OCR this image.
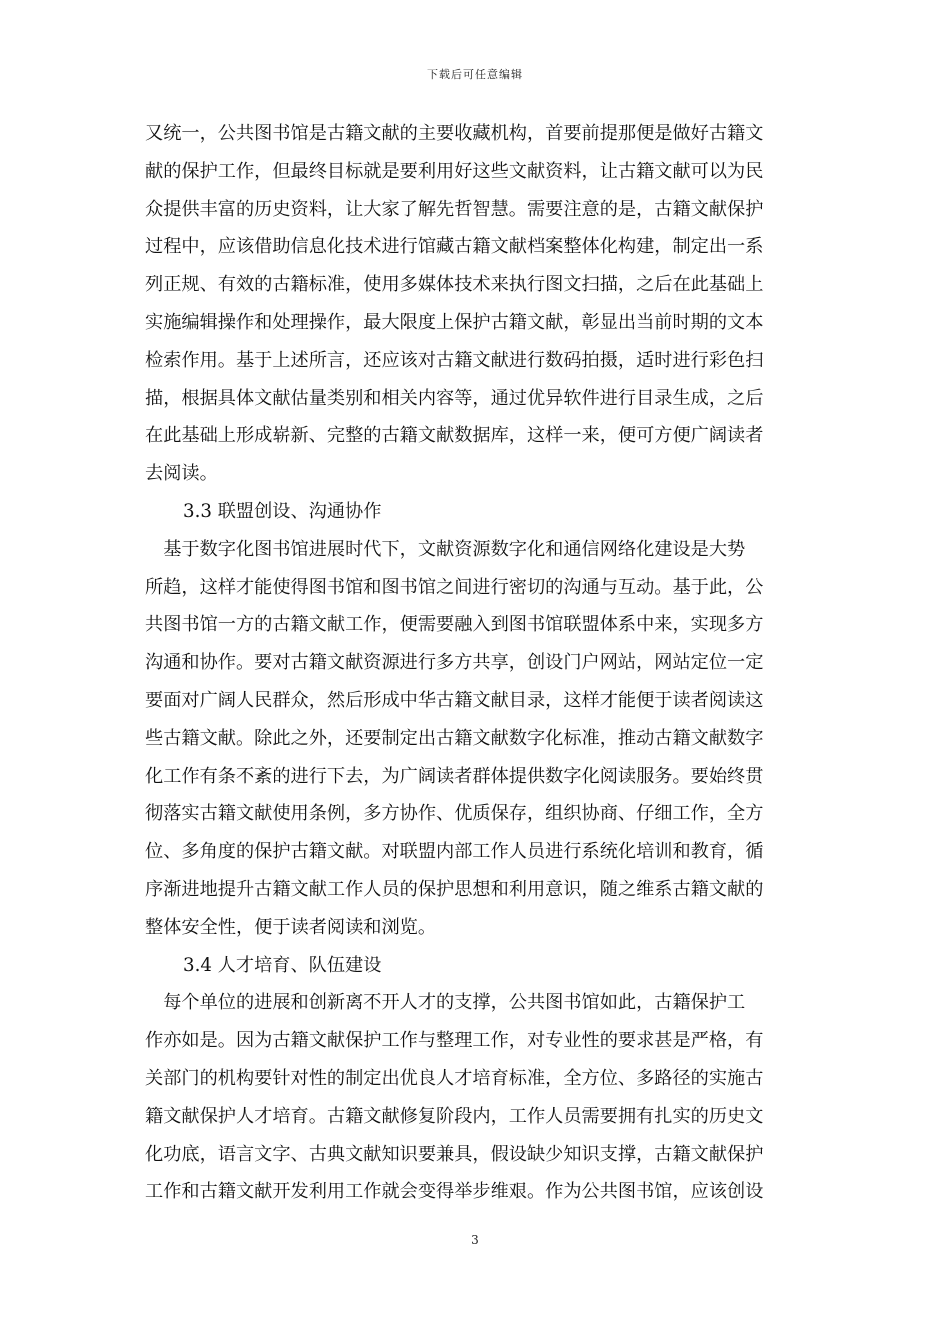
下载后可任意编辑
又统一，公共图书馆是古籍文献的主要收藏机构，首要前提那便是做好古籍文
献的保护工作，但最终目标就是要利用好这些文献资料，让古籍文献可以为民
众提供丰富的历史资料，让大家了解先哲智慧。需要注意的是，古籍文献保护
过程中，应该借助信息化技术进行馆藏古籍文献档案整体化构建，制定出一系
列正规、有效的古籍标准，使用多媒体技术来执行图文扫描，之后在此基础上
实施编辑操作和处理操作，最大限度上保护古籍文献，彰显出当前时期的文本
检索作用。基于上述所言，还应该对古籍文献进行数码拍摄，适时进行彩色扫
描，根据具体文献估量类别和相关内容等，通过优异软件进行目录生成，之后
在此基础上形成崭新、完整的古籍文献数据库，这样一来，便可方便广阔读者
去阅读。
3.3 联盟创设、沟通协作
　基于数字化图书馆进展时代下，文献资源数字化和通信网络化建设是大势
所趋，这样才能使得图书馆和图书馆之间进行密切的沟通与互动。基于此，公
共图书馆一方的古籍文献工作，便需要融入到图书馆联盟体系中来，实现多方
沟通和协作。要对古籍文献资源进行多方共享，创设门户网站，网站定位一定
要面对广阔人民群众，然后形成中华古籍文献目录，这样才能便于读者阅读这
些古籍文献。除此之外，还要制定出古籍文献数字化标准，推动古籍文献数字
化工作有条不紊的进行下去，为广阔读者群体提供数字化阅读服务。要始终贯
彻落实古籍文献使用条例，多方协作、优质保存，组织协商、仔细工作，全方
位、多角度的保护古籍文献。对联盟内部工作人员进行系统化培训和教育，循
序渐进地提升古籍文献工作人员的保护思想和利用意识，随之维系古籍文献的
整体安全性，便于读者阅读和浏览。
3.4 人才培育、队伍建设
　每个单位的进展和创新离不开人才的支撑，公共图书馆如此，古籍保护工
作亦如是。因为古籍文献保护工作与整理工作，对专业性的要求甚是严格，有
关部门的机构要针对性的制定出优良人才培育标准，全方位、多路径的实施古
籍文献保护人才培育。古籍文献修复阶段内，工作人员需要拥有扎实的历史文
化功底，语言文字、古典文献知识要兼具，假设缺少知识支撑，古籍文献保护
工作和古籍文献开发利用工作就会变得举步维艰。作为公共图书馆，应该创设
3
